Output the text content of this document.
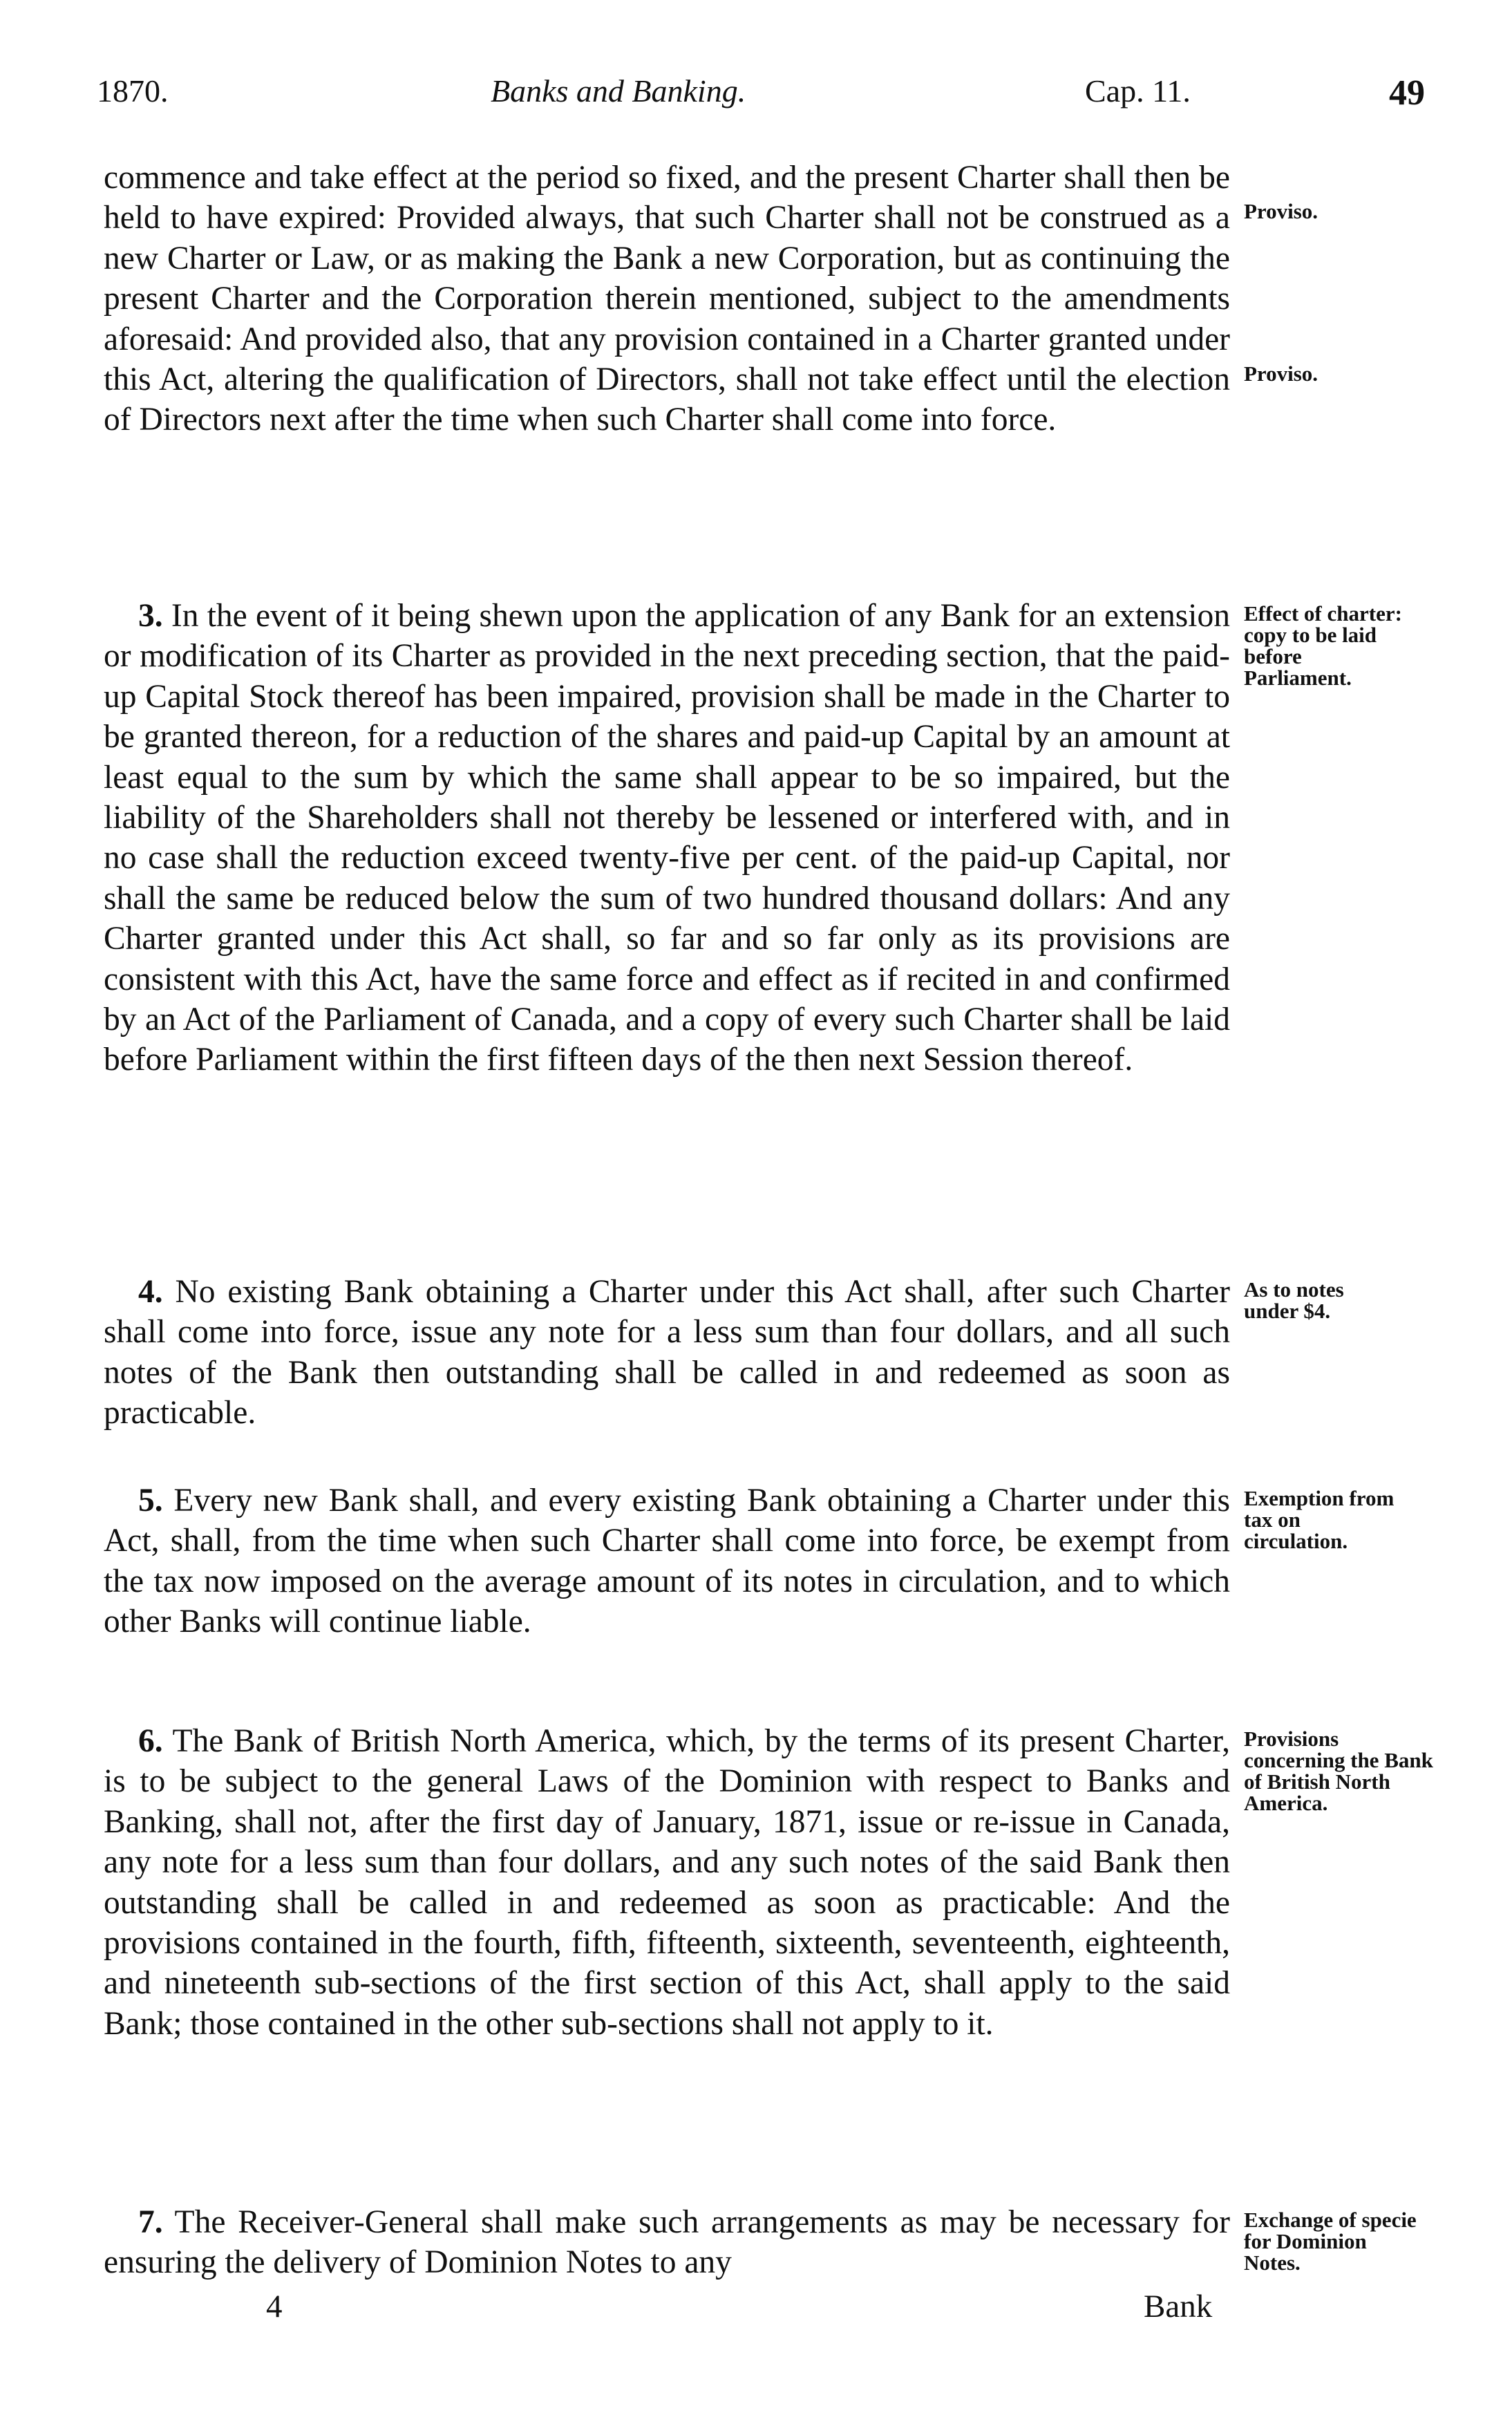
1870.	Banks and Banking.	Cap. 11.	49

commence and take effect at the period so fixed, and the present Charter shall then be held to have expired: Provided always, that such Charter shall not be construed as a new Charter or Law, or as making the Bank a new Corporation, but as continuing the present Charter and the Corporation therein mentioned, subject to the amendments aforesaid: And provided also, that any provision contained in a Charter granted under this Act, altering the qualification of Directors, shall not take effect until the election of Directors next after the time when such Charter shall come into force.

3. In the event of it being shewn upon the application of any Bank for an extension or modification of its Charter as provided in the next preceding section, that the paid-up Capital Stock thereof has been impaired, provision shall be made in the Charter to be granted thereon, for a reduction of the shares and paid-up Capital by an amount at least equal to the sum by which the same shall appear to be so impaired, but the liability of the Shareholders shall not thereby be lessened or interfered with, and in no case shall the reduction exceed twenty-five per cent. of the paid-up Capital, nor shall the same be reduced below the sum of two hundred thousand dollars: And any Charter granted under this Act shall, so far and so far only as its provisions are consistent with this Act, have the same force and effect as if recited in and confirmed by an Act of the Parliament of Canada, and a copy of every such Charter shall be laid before Parliament within the first fifteen days of the then next Session thereof.

4. No existing Bank obtaining a Charter under this Act shall, after such Charter shall come into force, issue any note for a less sum than four dollars, and all such notes of the Bank then outstanding shall be called in and redeemed as soon as practicable.

5. Every new Bank shall, and every existing Bank obtaining a Charter under this Act, shall, from the time when such Charter shall come into force, be exempt from the tax now imposed on the average amount of its notes in circulation, and to which other Banks will continue liable.

6. The Bank of British North America, which, by the terms of its present Charter, is to be subject to the general Laws of the Dominion with respect to Banks and Banking, shall not, after the first day of January, 1871, issue or re-issue in Canada, any note for a less sum than four dollars, and any such notes of the said Bank then outstanding shall be called in and redeemed as soon as practicable: And the provisions contained in the fourth, fifth, fifteenth, sixteenth, seventeenth, eighteenth, and nineteenth sub-sections of the first section of this Act, shall apply to the said Bank; those contained in the other sub-sections shall not apply to it.

7. The Receiver-General shall make such arrangements as may be necessary for ensuring the delivery of Dominion Notes to any

Proviso.
Proviso.
Effect of charter: copy to be laid before Parliament.
As to notes under $4.
Exemption from tax on circulation.
Provisions concerning the Bank of British North America.
Exchange of specie for Dominion Notes.
4	Bank
